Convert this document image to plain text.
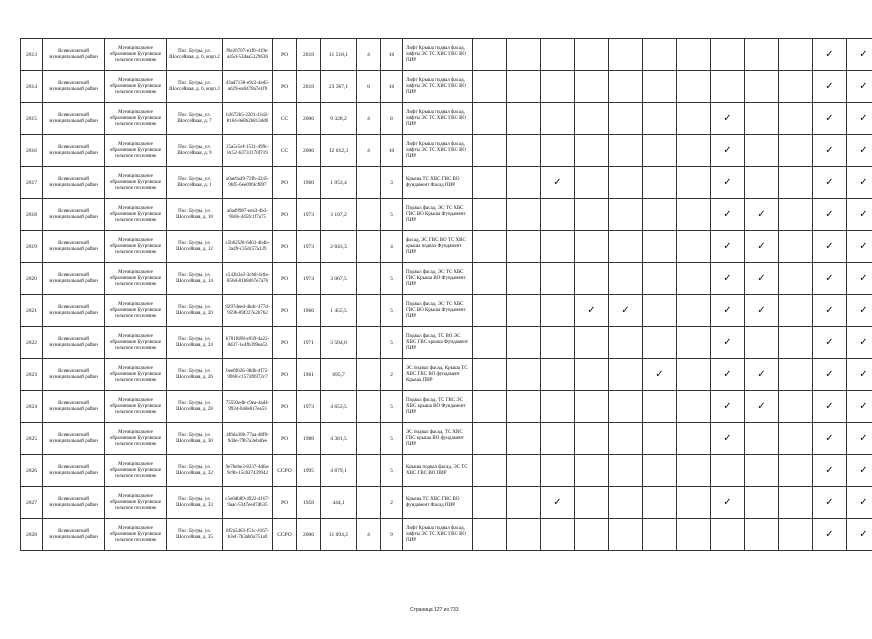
2013	Всеволожский муниципальный район	Муниципальное образование Бугровское сельское поселение	Пос. Бугры, ул. Шоссейная, д. 6, корп.2	f9e26707-e1f0-419e-a45d-53daa5129636	РО	2018	11 518,1	4	16	Лифт Крыша подвал фасад, лифты ЭС ТС ХВС ГВС ВО ПИР											✓	✓
2014	Всеволожский муниципальный район	Муниципальное образование Бугровское сельское поселение	Пос. Бугры, ул. Шоссейная, д. 6, корп.3	43ad7130-e9c2-4ed5-a629-ea0478a7e1f0	РО	2018	23 367,1	8	16	Лифт Крыша подвал фасад, лифты ЭС ТС ХВС ГВС ВО ПИР											✓	✓
2015	Всеволожский муниципальный район	Муниципальное образование Бугровское сельское поселение	Пос. Бугры, ул. Шоссейная, д. 7	b3672b5-2201-41d2-8164-0e8b2b813dd0	СС	2006	9 328,2	4	8	Лифт Крыша подвал фасад, лифты ЭС ТС ХВС ГВС ВО ПИР								✓			✓	✓
2016	Всеволожский муниципальный район	Муниципальное образование Бугровское сельское поселение	Пос. Бугры, ул. Шоссейная, д. 9	25a5c5ef-1531-499c-8c52-b3733170f719	СС	2006	12 012,3	4	10	Лифт Крыша подвал фасад, лифты ЭС ТС ХВС ГВС ВО ПИР								✓			✓	✓
2017	Всеволожский муниципальный район	Муниципальное образование Бугровское сельское поселение	Пос. Бугры, ул. Шоссейная, д. 1	a0ae9a49-72fb-4245-96f5-6ee09f4cf897	РО	1960	1 053,4		3	Крыша ТС ХВС ГВС ВО фундамент Фасад ПИР			✓					✓			✓	✓
2018	Всеволожский муниципальный район	Муниципальное образование Бугровское сельское поселение	Пос. Бугры, ул. Шоссейная, д. 10	a0ad9987-eea3-4b3-9b6b-445fc1f7a75	РО	1973	3 107,2		5	Подвал фасад, ЭС ТС ХВС ГВС ВО Крыша Фундамент ПИР								✓	✓		✓	✓
2019	Всеволожский муниципальный район	Муниципальное образование Бугровское сельское поселение	Пос. Бугры, ул. Шоссейная, д. 12	c5b625f0-6d63-4b4b-3a49-c35dc57a129	РО	1973	2 843,3		4	фасад, ЭС ГВС ВО ТС ХВС крыша подвал Фундамент ПИР								✓	✓		✓	✓
2020	Всеволожский муниципальный район	Муниципальное образование Бугровское сельское поселение	Пос. Бугры, ул. Шоссейная, д. 14	c542b3a3-3cb8-4c0a-856d-81b8d67e7a76	РО	1974	3 067,5		5	Подвал фасад, ЭС ТС ХВС ГВС Крыша ВО Фундамент ПИР								✓	✓		✓	✓
2021	Всеволожский муниципальный район	Муниципальное образование Бугровское сельское поселение	Пос. Бугры, ул. Шоссейная, д. 20	9297deed-4bdc-477d-9596-89f227e2b762	РО	1966	1 455,5		5	Подвал фасад, ЭС ТС ХВС ГВС ВО Крыша Фундамент ПИР				✓	✓			✓	✓		✓	✓
2022	Всеволожский муниципальный район	Муниципальное образование Бугровское сельское поселение	Пос. Бугры, ул. Шоссейная, д. 24	b701f698-e939-4a22-8d37-1e4fb399ea53	РО	1971	3 504,0		5	Подвал фасад, ТС ВО ЭС ХВС ГВС крыша Фундамент ПИР								✓			✓	✓
2023	Всеволожский муниципальный район	Муниципальное образование Бугровское сельское поселение	Пос. Бугры, ул. Шоссейная, д. 26	bee0f626-38db-4f72-9960-c1573f6972c7	РО	1961	695,7		2	ЭС подвал фасад, Крыша ТС ХВС ГВС ВО фундамент Крыша ПИР						✓		✓	✓		✓	✓
2024	Всеволожский муниципальный район	Муниципальное образование Бугровское сельское поселение	Пос. Бугры, ул. Шоссейная, д. 28	75593edb-c9ea-4ad4-9934-04de017ea53	РО	1973	4 653,5		5	Подвал фасад, ТС ГВС ЭС ХВС крыша ВО Фундамент ПИР								✓	✓		✓	✓
2025	Всеволожский муниципальный район	Муниципальное образование Бугровское сельское поселение	Пос. Бугры, ул. Шоссейная, д. 30	4f6da30b-77aa-48f0-9d4e-79b7a3eb4fee	РО	1988	4 381,5		5	ЭС подвал фасад, ТС ХВС ГВС крыша ВО фундамент ПИР								✓			✓	✓
2026	Всеволожский муниципальный район	Муниципальное образование Бугровское сельское поселение	Пос. Бугры, ул. Шоссейная, д. 32	9e7bebe3-8337-4d6a-9c9b-15c827439942	ССРО	1995	4 879,1		5	Крыша подвал фасад, ЭС ТС ХВС ГВС ВО ПИР											✓	✓
2027	Всеволожский муниципальный район	Муниципальное образование Бугровское сельское поселение	Пос. Бугры, ул. Шоссейная, д. 33	c5e0db89-4922-4167-9aac-5347eed7db35	РО	1958	444,1		2	Крыша ТС ХВС ГВС ВО фундамент Фасад ПИР			✓					✓			✓	✓
2028	Всеволожский муниципальный район	Муниципальное образование Бугровское сельское поселение	Пос. Бугры, ул. Шоссейная, д. 35	8f2a5463-f51c-4167-b3ef-7b3ab6a751a9	ССРО	2006	11 094,2	4	9	Лифт Крыша подвал фасад, лифты ЭС ТС ХВС ГВС ВО ПИР											✓	✓
Страница 127 из 733
